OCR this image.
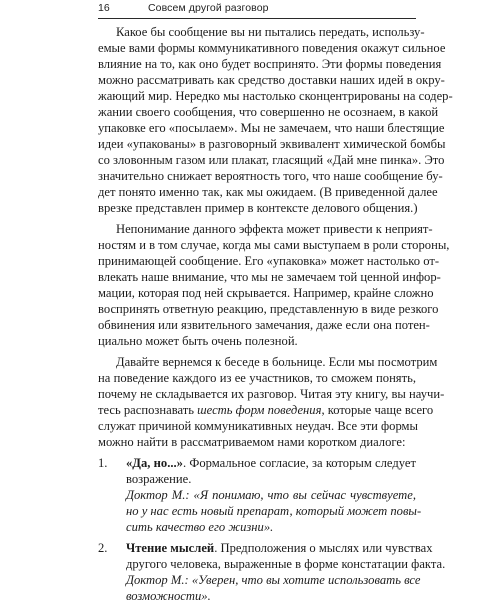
16	Совсем другой разговор
Какое бы сообщение вы ни пытались передать, использу-
емые вами формы коммуникативного поведения окажут сильное
влияние на то, как оно будет воспринято. Эти формы поведения
можно рассматривать как средство доставки наших идей в окру-
жающий мир. Нередко мы настолько сконцентрированы на содер-
жании своего сообщения, что совершенно не осознаем, в какой
упаковке его «посылаем». Мы не замечаем, что наши блестящие
идеи «упакованы» в разговорный эквивалент химической бомбы
со зловонным газом или плакат, гласящий «Дай мне пинка». Это
значительно снижает вероятность того, что наше сообщение бу-
дет понято именно так, как мы ожидаем. (В приведенной далее
врезке представлен пример в контексте делового общения.)
Непонимание данного эффекта может привести к неприят-
ностям и в том случае, когда мы сами выступаем в роли стороны,
принимающей сообщение. Его «упаковка» может настолько от-
влекать наше внимание, что мы не замечаем той ценной инфор-
мации, которая под ней скрывается. Например, крайне сложно
воспринять ответную реакцию, представленную в виде резкого
обвинения или язвительного замечания, даже если она потен-
циально может быть очень полезной.
Давайте вернемся к беседе в больнице. Если мы посмотрим
на поведение каждого из ее участников, то сможем понять,
почему не складывается их разговор. Читая эту книгу, вы научи-
тесь распознавать шесть форм поведения, которые чаще всего
служат причиной коммуникативных неудач. Все эти формы
можно найти в рассматриваемом нами коротком диалоге:
1. «Да, но...». Формальное согласие, за которым следует
возражение.
Доктор М.: «Я понимаю, что вы сейчас чувствуете,
но у нас есть новый препарат, который может повы-
сить качество его жизни».
2. Чтение мыслей. Предположения о мыслях или чувствах
другого человека, выраженные в форме констатации факта.
Доктор М.: «Уверен, что вы хотите использовать все
возможности».
